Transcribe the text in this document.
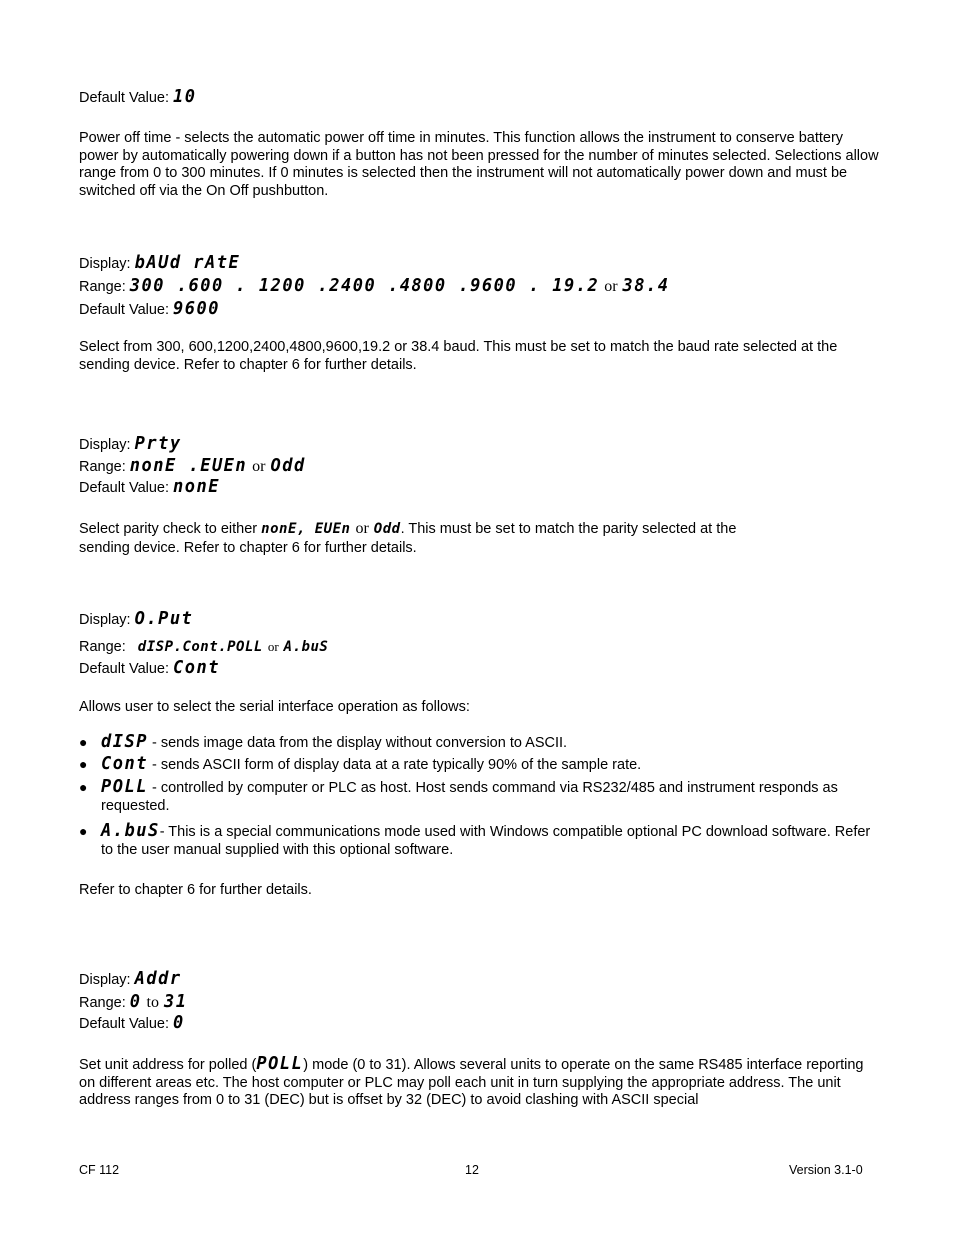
Default Value: 10
Power off time - selects the automatic power off time in minutes. This function allows the instrument to conserve battery power by automatically powering down if a button has not been pressed for the number of minutes selected. Selections allow range from 0 to 300 minutes. If 0 minutes is selected then the instrument will not automatically power down and must be switched off via the On Off pushbutton.
Display: bAUd rAtE
Range: 300 .600 . 1200 .2400 .4800 .9600 . 19.2 or 38.4
Default Value: 9600
Select from 300, 600,1200,2400,4800,9600,19.2 or 38.4 baud. This must be set to match the baud rate selected at the sending device. Refer to chapter 6 for further details.
Display: Prty
Range: nonE .EUEn or Odd
Default Value: nonE
Select parity check to either nonE, EUEn or Odd. This must be set to match the parity selected at the
sending device. Refer to chapter 6 for further details.
Display: O.Put
Range: dISP.Cont.POLL or A.buS
Default Value: Cont
Allows user to select the serial interface operation as follows:
● dISP - sends image data from the display without conversion to ASCII.
● Cont - sends ASCII form of display data at a rate typically 90% of the sample rate.
● POLL - controlled by computer or PLC as host. Host sends command via RS232/485 and instrument responds as requested.
● A.buS- This is a special communications mode used with Windows compatible optional PC download software. Refer to the user manual supplied with this optional software.
Refer to chapter 6 for further details.
Display: Addr
Range: 0 to 31
Default Value: 0
Set unit address for polled (POLL) mode (0 to 31). Allows several units to operate on the same RS485 interface reporting on different areas etc. The host computer or PLC may poll each unit in turn supplying the appropriate address. The unit address ranges from 0 to 31 (DEC) but is offset by 32 (DEC) to avoid clashing with ASCII special
CF 112	12	Version 3.1-0
